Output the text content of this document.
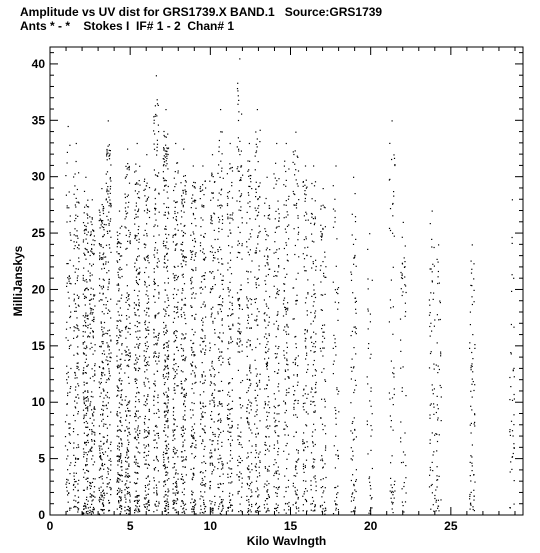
Amplitude vs UV dist for GRS1739.X BAND.1   Source:GRS1739
Ants * - *    Stokes I  IF# 1 - 2  Chan# 1
0	5	10	15	20	25
0
5
10
15
20
25
30
35
40
Kilo Wavlngth
MilliJanskys
